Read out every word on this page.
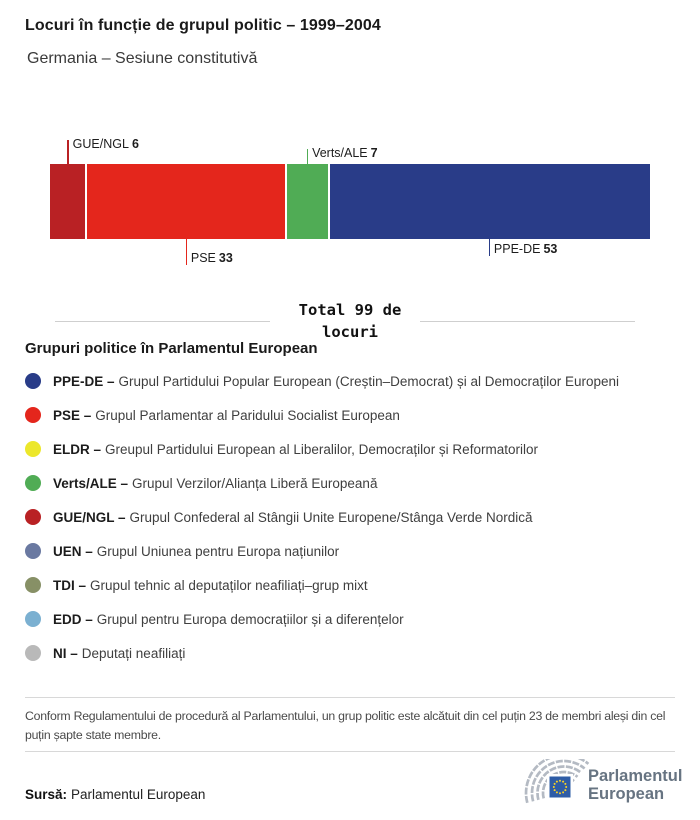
Locuri în funcție de grupul politic – 1999–2004
Germania – Sesiune constitutivă
GUE/NGL 6
PSE 33
Verts/ALE 7
PPE-DE 53
Total 99 de locuri
Grupuri politice în Parlamentul European
PPE-DE – Grupul Partidului Popular European (Creștin–Democrat) și al Democraților Europeni
PSE – Grupul Parlamentar al Paridului Socialist European
ELDR – Greupul Partidului European al Liberalilor, Democraților și Reformatorilor
Verts/ALE – Grupul Verzilor/Alianța Liberă Europeană
GUE/NGL – Grupul Confederal al Stângii Unite Europene/Stânga Verde Nordică
UEN – Grupul Uniunea pentru Europa națiunilor
TDI – Grupul tehnic al deputaților neafiliați–grup mixt
EDD – Grupul pentru Europa democrațiilor și a diferențelor
NI – Deputați neafiliați
Conform Regulamentului de procedură al Parlamentului, un grup politic este alcătuit din cel puțin 23 de membri aleși din cel puțin șapte state membre.
Sursă: Parlamentul European
Parlamentul
European
